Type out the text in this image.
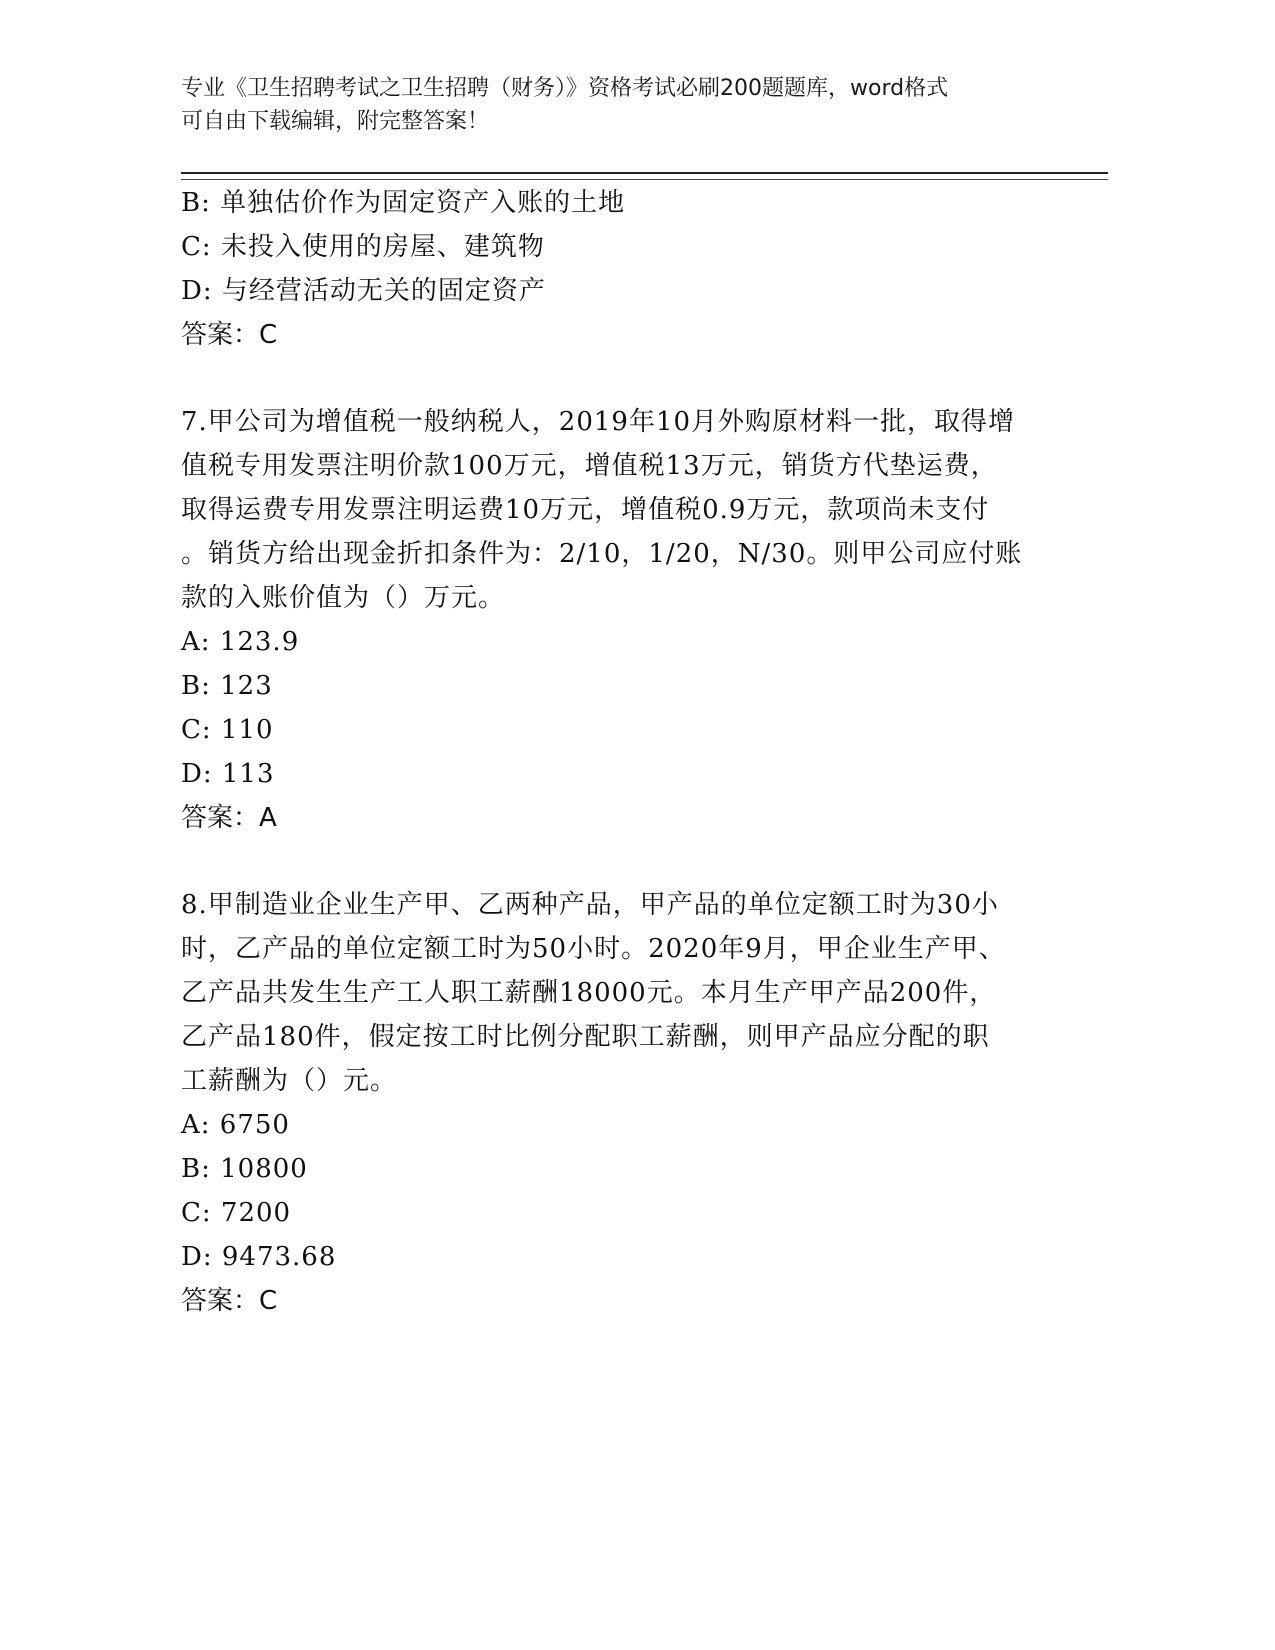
专业《卫生招聘考试之卫生招聘（财务）》资格考试必刷200题题库，word格式
可自由下载编辑，附完整答案！
B: 单独估价作为固定资产入账的土地
C: 未投入使用的房屋、建筑物
D: 与经营活动无关的固定资产
答案：C
7.甲公司为增值税一般纳税人，2019年10月外购原材料一批，取得增
值税专用发票注明价款100万元，增值税13万元，销货方代垫运费，
取得运费专用发票注明运费10万元，增值税0.9万元，款项尚未支付
。销货方给出现金折扣条件为：2/10，1/20，N/30。则甲公司应付账
款的入账价值为（）万元。
A: 123.9
B: 123
C: 110
D: 113
答案：A
8.甲制造业企业生产甲、乙两种产品，甲产品的单位定额工时为30小
时，乙产品的单位定额工时为50小时。2020年9月，甲企业生产甲、
乙产品共发生生产工人职工薪酬18000元。本月生产甲产品200件，
乙产品180件，假定按工时比例分配职工薪酬，则甲产品应分配的职
工薪酬为（）元。
A: 6750
B: 10800
C: 7200
D: 9473.68
答案：C
